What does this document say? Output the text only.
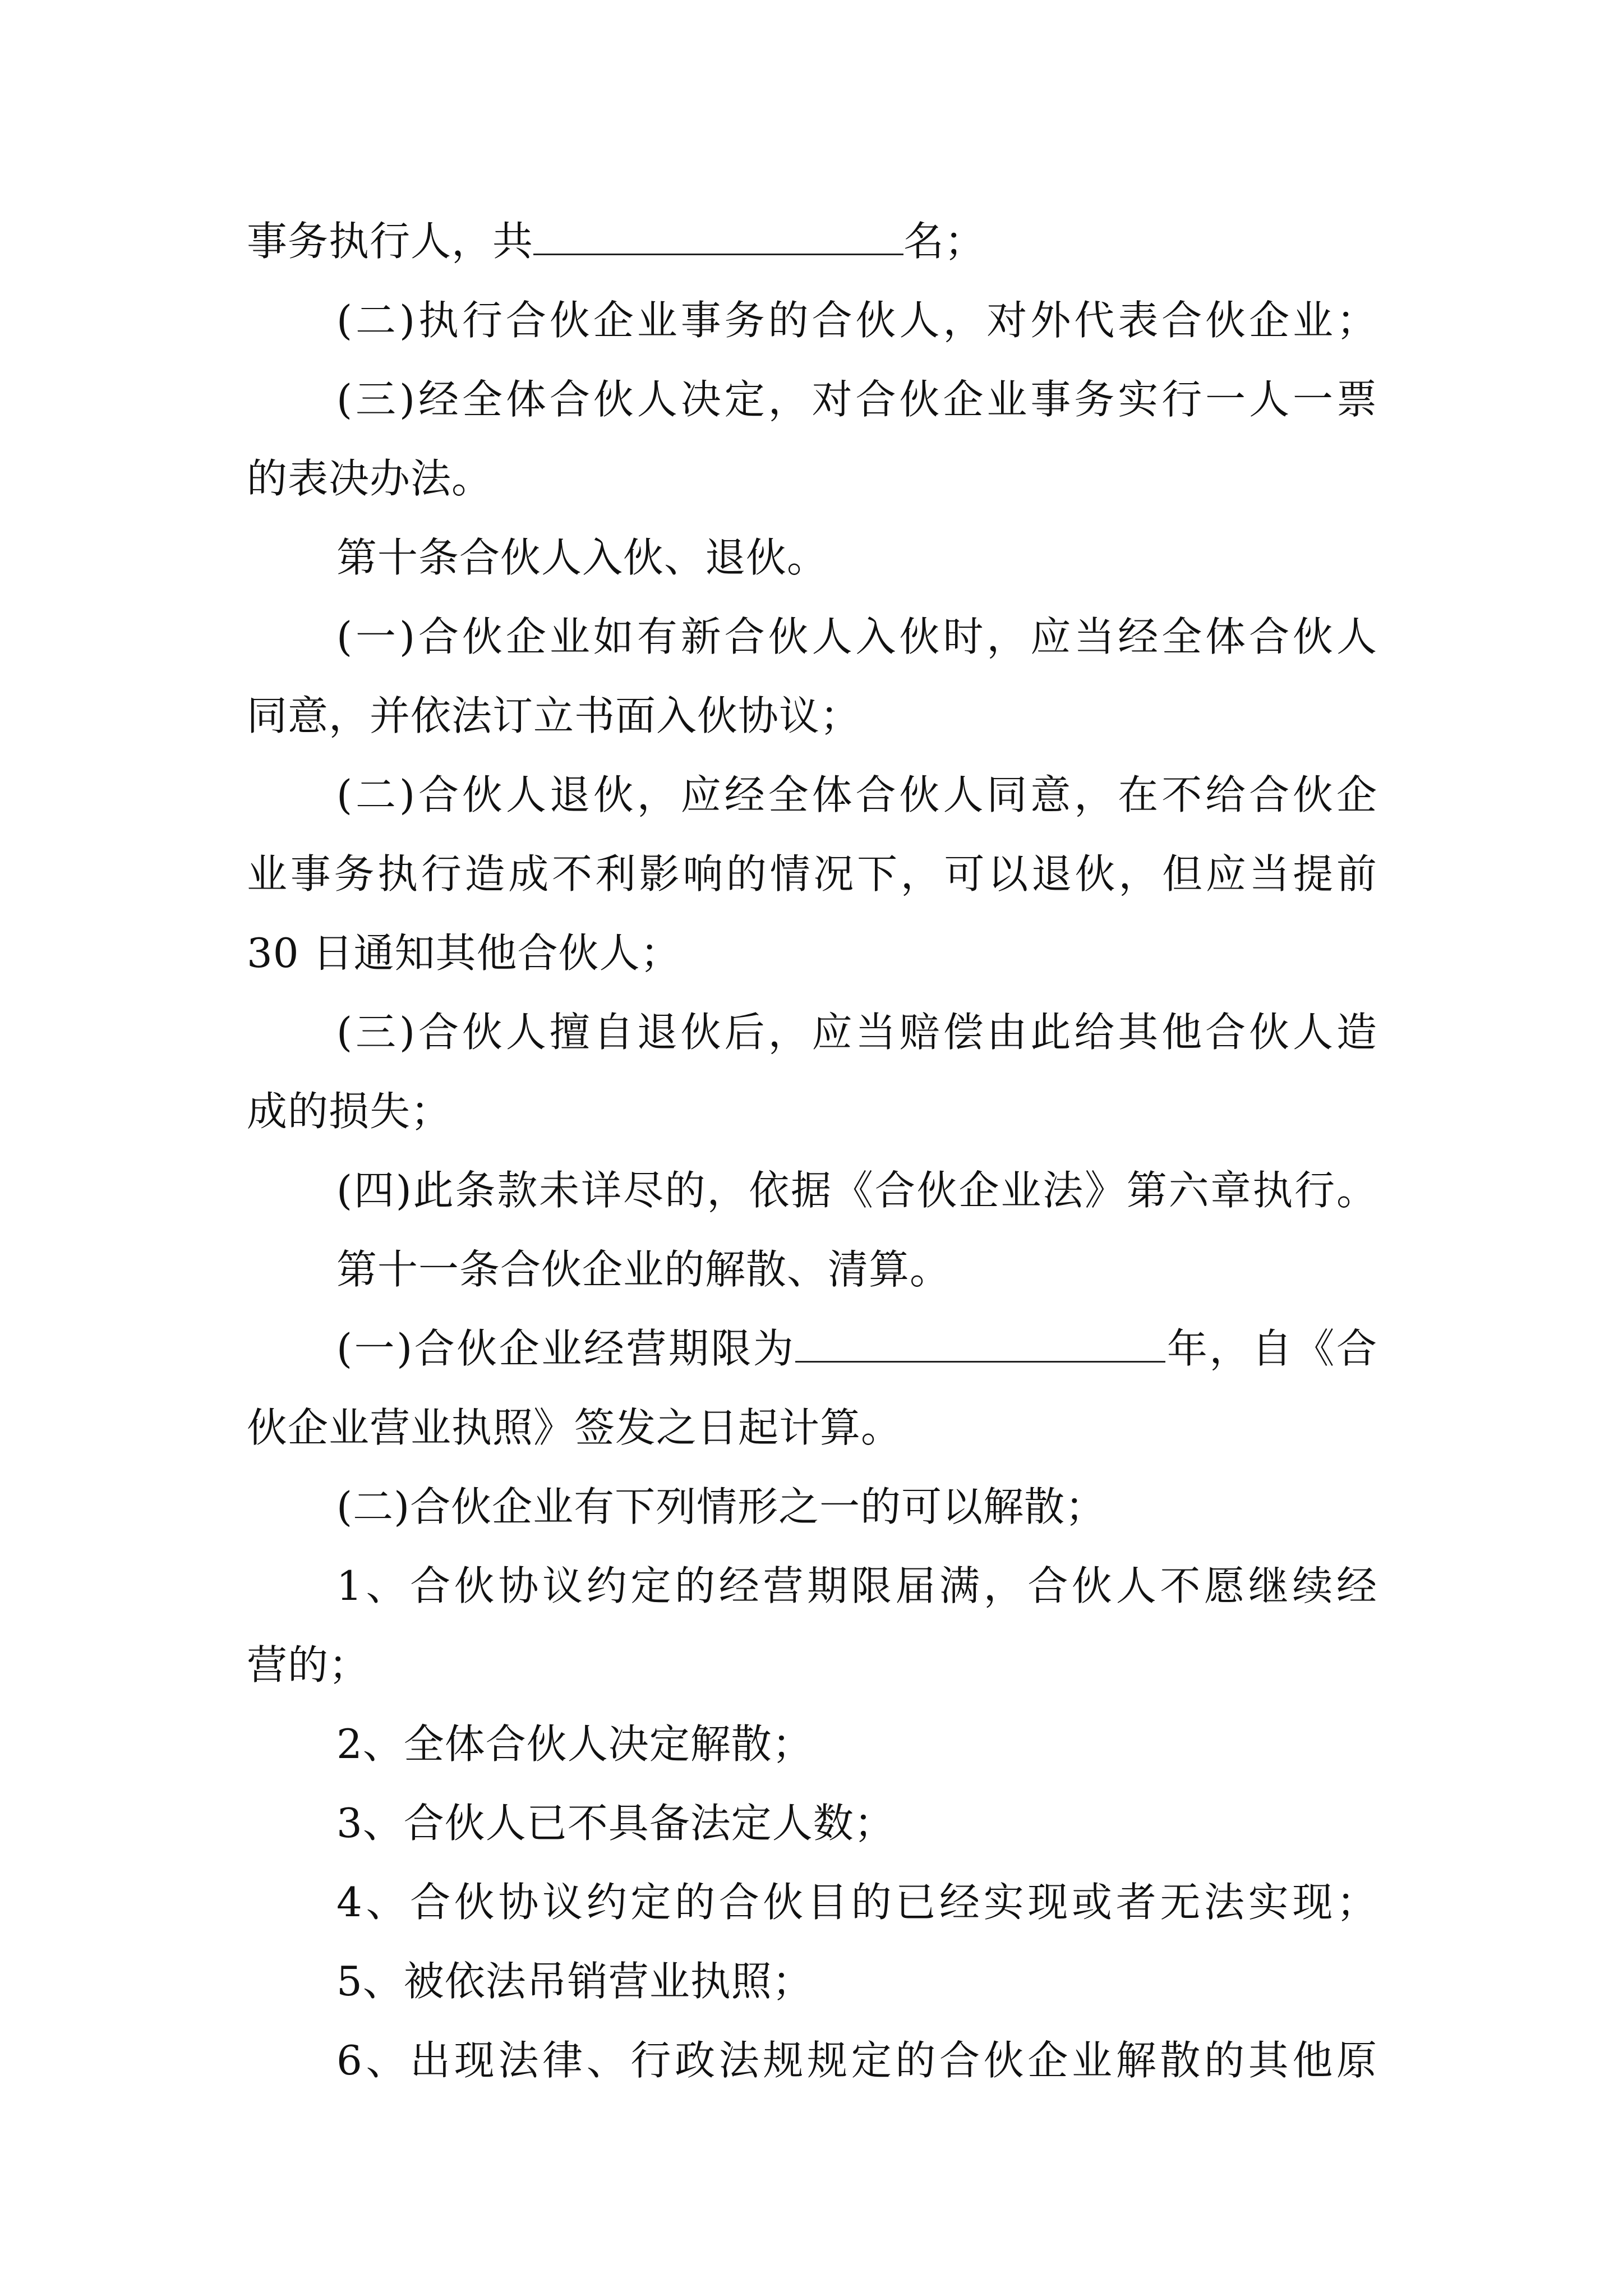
事务执行人，共	名；
(二)执行合伙企业事务的合伙人，对外代表合伙企业；
(三)经全体合伙人决定，对合伙企业事务实行一人一票
的表决办法。
第十条合伙人入伙、退伙。
(一)合伙企业如有新合伙人入伙时，应当经全体合伙人
同意，并依法订立书面入伙协议；
(二)合伙人退伙，应经全体合伙人同意，在不给合伙企
业事务执行造成不利影响的情况下，可以退伙，但应当提前
30 日通知其他合伙人；
(三)合伙人擅自退伙后，应当赔偿由此给其他合伙人造
成的损失；
(四)此条款未详尽的，依据《合伙企业法》第六章执行。
第十一条合伙企业的解散、清算。
(一)合伙企业经营期限为	年，自《合
伙企业营业执照》签发之日起计算。
(二)合伙企业有下列情形之一的可以解散；
1、合伙协议约定的经营期限届满，合伙人不愿继续经
营的；
2、全体合伙人决定解散；
3、合伙人已不具备法定人数；
4、合伙协议约定的合伙目的已经实现或者无法实现；
5、被依法吊销营业执照；
6、出现法律、行政法规规定的合伙企业解散的其他原
